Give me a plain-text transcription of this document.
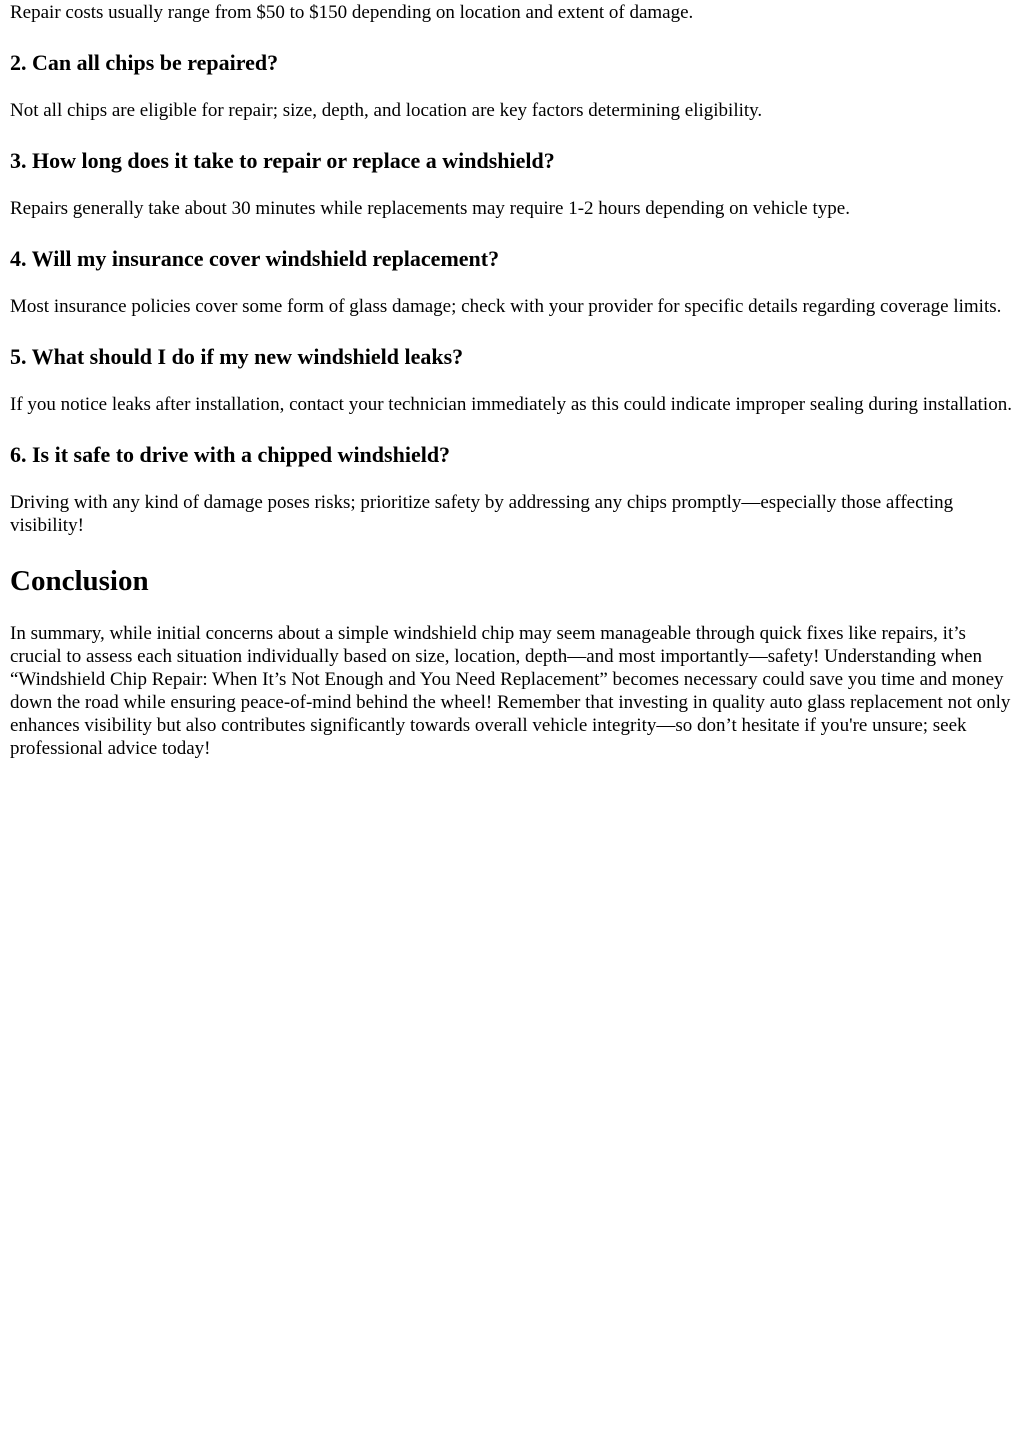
Repair costs usually range from $50 to $150 depending on location and extent of damage.

2. Can all chips be repaired?

Not all chips are eligible for repair; size, depth, and location are key factors determining eligibility.

3. How long does it take to repair or replace a windshield?

Repairs generally take about 30 minutes while replacements may require 1-2 hours depending on vehicle type.

4. Will my insurance cover windshield replacement?

Most insurance policies cover some form of glass damage; check with your provider for specific details regarding coverage limits.

5. What should I do if my new windshield leaks?

If you notice leaks after installation, contact your technician immediately as this could indicate improper sealing during installation.

6. Is it safe to drive with a chipped windshield?

Driving with any kind of damage poses risks; prioritize safety by addressing any chips promptly—especially those affecting visibility!

Conclusion

In summary, while initial concerns about a simple windshield chip may seem manageable through quick fixes like repairs, it’s crucial to assess each situation individually based on size, location, depth—and most importantly—safety! Understanding when “Windshield Chip Repair: When It’s Not Enough and You Need Replacement” becomes necessary could save you time and money down the road while ensuring peace-of-mind behind the wheel! Remember that investing in quality auto glass replacement not only enhances visibility but also contributes significantly towards overall vehicle integrity—so don’t hesitate if you're unsure; seek professional advice today!
